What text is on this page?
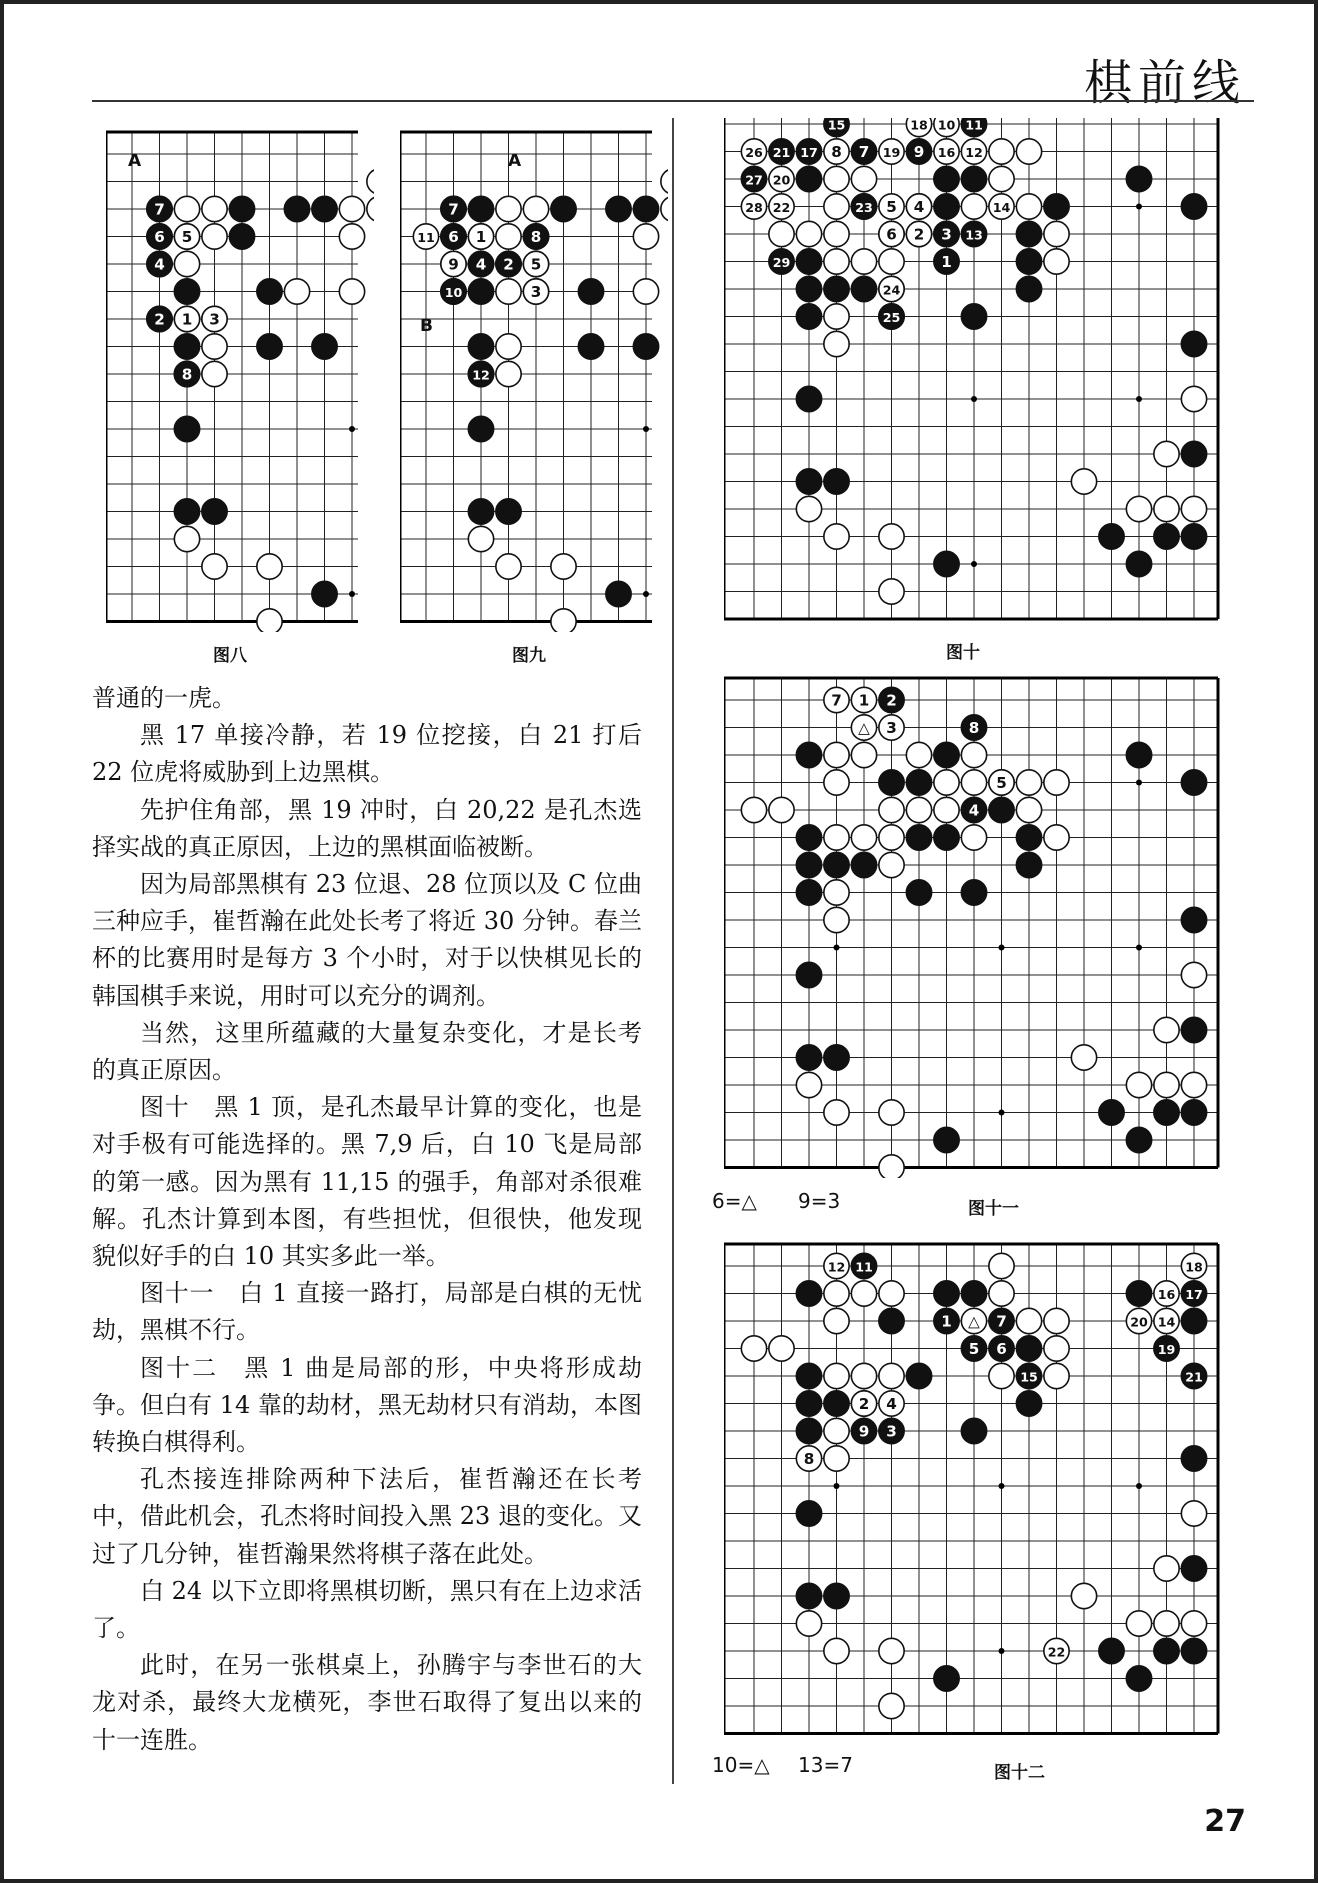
棋前线
7
6 5
4
2 1 3
8
A
图八
7
11 6 1	8
9 4 2 5
10	3
12
A
B
图九
15	18 10 11
26 21 17 8 7 19 9 16 12
27 20
28 22	23 5 4	14
6 2 3 13
29	1
24
25
图十
7 1 2
△ 3	8
5
4
6=△ 9=3	图十一
12 11	18
16 17
1 △ 7	20 14
5 6	19
15	21
2 4
9 3
8
22
10=△ 13=7	图十二

普通的一虎。

黑 17 单接冷静，若 19 位挖接，白 21 打后 22 位虎将威胁到上边黑棋。

先护住角部，黑 19 冲时，白 20,22 是孔杰选择实战的真正原因，上边的黑棋面临被断。

因为局部黑棋有 23 位退、28 位顶以及 C 位曲三种应手，崔哲瀚在此处长考了将近 30 分钟。春兰杯的比赛用时是每方 3 个小时，对于以快棋见长的韩国棋手来说，用时可以充分的调剂。

当然，这里所蕴藏的大量复杂变化，才是长考的真正原因。

图十　黑 1 顶，是孔杰最早计算的变化，也是对手极有可能选择的。黑 7,9 后，白 10 飞是局部的第一感。因为黑有 11,15 的强手，角部对杀很难解。孔杰计算到本图，有些担忧，但很快，他发现貌似好手的白 10 其实多此一举。

图十一　白 1 直接一路打，局部是白棋的无忧劫，黑棋不行。

图十二　黑 1 曲是局部的形，中央将形成劫争。但白有 14 靠的劫材，黑无劫材只有消劫，本图转换白棋得利。

孔杰接连排除两种下法后，崔哲瀚还在长考中，借此机会，孔杰将时间投入黑 23 退的变化。又过了几分钟，崔哲瀚果然将棋子落在此处。

白 24 以下立即将黑棋切断，黑只有在上边求活了。

此时，在另一张棋桌上，孙腾宇与李世石的大龙对杀，最终大龙横死，李世石取得了复出以来的十一连胜。

27
